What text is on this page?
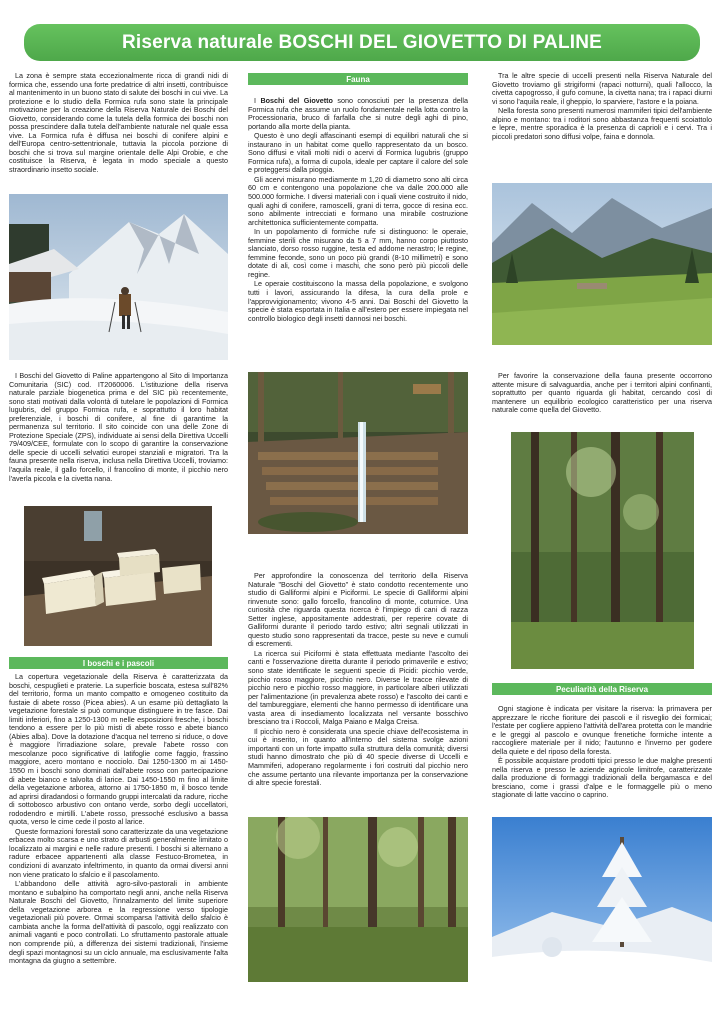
Riserva naturale BOSCHI DEL GIOVETTO DI PALINE

La zona è sempre stata eccezionalmente ricca di grandi nidi di formica che, essendo una forte predatrice di altri insetti, contribuisce al mantenimento in un buono stato di salute dei boschi in cui vive. La protezione e lo studio della Formica rufa sono state la principale motivazione per la creazione della Riserva Naturale dei Boschi del Giovetto, considerando come la tutela della formica dei boschi non possa prescindere dalla tutela dell'ambiente naturale nel quale essa vive. La Formica rufa è diffusa nei boschi di conifere alpini e dell'Europa centro-settentrionale, tuttavia la piccola porzione di boschi che si trova sul margine orientale delle Alpi Orobie, e che costituisce la Riserva, è legata in modo speciale a questo straordinario insetto sociale.

I Boschi del Giovetto di Paline appartengono al Sito di Importanza Comunitaria (SIC) cod. IT2060006. L'istituzione della riserva naturale parziale biogenetica prima e del SIC più recentemente, sono stati motivati dalla volontà di tutelare le popolazioni di Formica lugubris, del gruppo Formica rufa, e soprattutto il loro habitat preferenziale, i boschi di conifere, al fine di garantirne la permanenza sul territorio. Il sito coincide con una delle Zone di Protezione Speciale (ZPS), individuate ai sensi della Direttiva Uccelli 79/409/CEE, formulate con lo scopo di garantire la conservazione delle specie di uccelli selvatici europei stanziali e migratori. Tra la fauna presente nella riserva, inclusa nella Direttiva Uccelli, troviamo: l'aquila reale, il gallo forcello, il francolino di monte, il picchio nero l'averla piccola e la civetta nana.

I boschi e i pascoli

La copertura vegetazionale della Riserva è caratterizzata da boschi, cespuglieti e praterie. La superficie boscata, estesa sull'82% del territorio, forma un manto compatto e omogeneo costituito da fustaie di abete rosso (Picea abies). A un esame più dettagliato la vegetazione forestale si può comunque distinguere in tre fasce. Dai limiti inferiori, fino a 1250-1300 m nelle esposizioni fresche, i boschi tendono a essere per lo più misti di abete rosso e abete bianco (Abies alba). Dove la dotazione d'acqua nel terreno si riduce, o dove è maggiore l'irradiazione solare, prevale l'abete rosso con mescolanze poco significative di latifoglie come faggio, frassino maggiore, acero montano e nocciolo. Dai 1250-1300 m ai 1450-1550 m i boschi sono dominati dall'abete rosso con partecipazione di abete bianco e talvolta di larice. Dai 1450-1550 m fino al limite della vegetazione arborea, attorno ai 1750-1850 m, il bosco tende ad aprirsi diradandosi o formando gruppi intercalati da radure, ricche di sottobosco arbustivo con ontano verde, sorbo degli uccellatori, rododendro e mirtilli. L'abete rosso, pressoché esclusivo a bassa quota, verso le cime cede il posto al larice.

Queste formazioni forestali sono caratterizzate da una vegetazione erbacea molto scarsa e uno strato di arbusti generalmente limitato o localizzato ai margini e nelle radure presenti. I boschi si alternano a radure erbacee appartenenti alla classe Festuco-Brometea, in condizioni di avanzato infeltrimento, in quanto da ormai diversi anni non viene praticato lo sfalcio e il pascolamento.

L'abbandono delle attività agro-silvo-pastorali in ambiente montano e subalpino ha comportato negli anni, anche nella Riserva Naturale Boschi del Giovetto, l'innalzamento del limite superiore della vegetazione arborea e la regressione verso tipologie vegetazionali più povere. Ormai scomparsa l'attività dello sfalcio è cambiata anche la forma dell'attività di pascolo, oggi realizzato con animali vaganti e poco controllati. Lo sfruttamento pastorale attuale non comprende più, a differenza dei sistemi tradizionali, l'insieme degli spazi montagnosi su un ciclo annuale, ma esclusivamente l'alta montagna da giugno a settembre.

Fauna

I Boschi del Giovetto sono conosciuti per la presenza della Formica rufa che assume un ruolo fondamentale nella lotta contro la Processionaria, bruco di farfalla che si nutre degli aghi di pino, portando alla morte della pianta.

Questo è uno degli affascinanti esempi di equilibri naturali che si instaurano in un habitat come quello rappresentato da un bosco. Sono diffusi e vitali molti nidi o acervi di Formica lugubris (gruppo Formica rufa), a forma di cupola, ideale per captare il calore del sole e proteggersi dalla pioggia.

Gli acervi misurano mediamente m 1,20 di diametro sono alti circa 60 cm e contengono una popolazione che va dalle 200.000 alle 500.000 formiche. I diversi materiali con i quali viene costruito il nido, quali aghi di conifere, ramoscelli, grani di terra, gocce di resina ecc. sono abilmente intrecciati e formano una mirabile costruzione architettonica sufficientemente compatta.

In un popolamento di formiche rufe si distinguono: le operaie, femmine sterili che misurano da 5 a 7 mm, hanno corpo piuttosto slanciato, dorso rosso ruggine, testa ed addome nerastro; le regine, femmine feconde, sono un poco più grandi (8-10 millimetri) e sono dotate di ali, così come i maschi, che sono però più piccoli delle regine.

Le operaie costituiscono la massa della popolazione, e svolgono tutti i lavori, assicurando la difesa, la cura della prole e l'approvvigionamento; vivono 4-5 anni. Dai Boschi del Giovetto la specie è stata esportata in Italia e all'estero per essere impiegata nel controllo biologico degli insetti dannosi nei boschi.

Per approfondire la conoscenza del territorio della Riserva Naturale "Boschi del Giovetto" è stato condotto recentemente uno studio di Galliformi alpini e Piciformi. Le specie di Galliformi alpini rinvenute sono: gallo forcello, francolino di monte, coturnice. Una curiosità che riguarda questa ricerca è l'impiego di cani di razza Setter inglese, appositamente addestrati, per reperire covate di Galliformi durante il periodo tardo estivo; altri segnali utilizzati in questo studio sono rappresentati da tracce, peste su neve e cumuli di escrementi.

La ricerca sui Piciformi è stata effettuata mediante l'ascolto dei canti e l'osservazione diretta durante il periodo primaverile e estivo; sono state identificate le seguenti specie di Picidi: picchio verde, picchio rosso maggiore, picchio nero. Diverse le tracce rilevate di picchio nero e picchio rosso maggiore, in particolare alberi utilizzati per l'alimentazione (in prevalenza abete rosso) e l'ascolto dei canti e del tambureggiare, elementi che hanno permesso di identificare una vasta area di insediamento localizzata nel versante bosschivo bresciano tra i Roccoli, Malga Paiano e Malga Creisa.

Il picchio nero è considerata una specie chiave dell'ecosistema in cui è inserito, in quanto all'interno del sistema svolge azioni importanti con un forte impatto sulla struttura della comunità; diversi studi hanno dimostrato che più di 40 specie diverse di Uccelli e Mammiferi, adoperano regolarmente i fori costruiti dal picchio nero che assume pertanto una rilevante importanza per la conservazione di altre specie forestali.

Tra le altre specie di uccelli presenti nella Riserva Naturale del Giovetto troviamo gli strigiformi (rapaci notturni), quali l'allocco, la civetta capogrosso, il gufo comune, la civetta nana; tra i rapaci diurni vi sono l'aquila reale, il gheppio, lo sparviere, l'astore e la poiana.

Nella foresta sono presenti numerosi mammiferi tipici dell'ambiente alpino e montano: tra i roditori sono abbastanza frequenti scoiattolo e lepre, mentre sporadica è la presenza di caprioli e i cervi. Tra i piccoli predatori sono diffusi volpe, faina e donnola.

Per favorire la conservazione della fauna presente occorrono attente misure di salvaguardia, anche per i territori alpini confinanti, soprattutto per quanto riguarda gli habitat, cercando così di mantenere un equilibrio ecologico caratteristico per una riserva naturale come quella del Giovetto.

Peculiarità della Riserva

Ogni stagione è indicata per visitare la riserva: la primavera per apprezzare le ricche fioriture dei pascoli e il risveglio dei formicai; l'estate per cogliere appieno l'attività dell'area protetta con le mandrie e le greggi al pascolo e ovunque frenetiche formiche intente a raccogliere materiale per il nido; l'autunno e l'inverno per godere della quiete e del riposo della foresta.

È possibile acquistare prodotti tipici presso le due malghe presenti nella riserva e presso le aziende agricole limitrofe, caratterizzate dalla produzione di formaggi tradizionali della bergamasca e del bresciano, come i grassi d'alpe e le formaggelle più o meno stagionate di latte vaccino o caprino.
